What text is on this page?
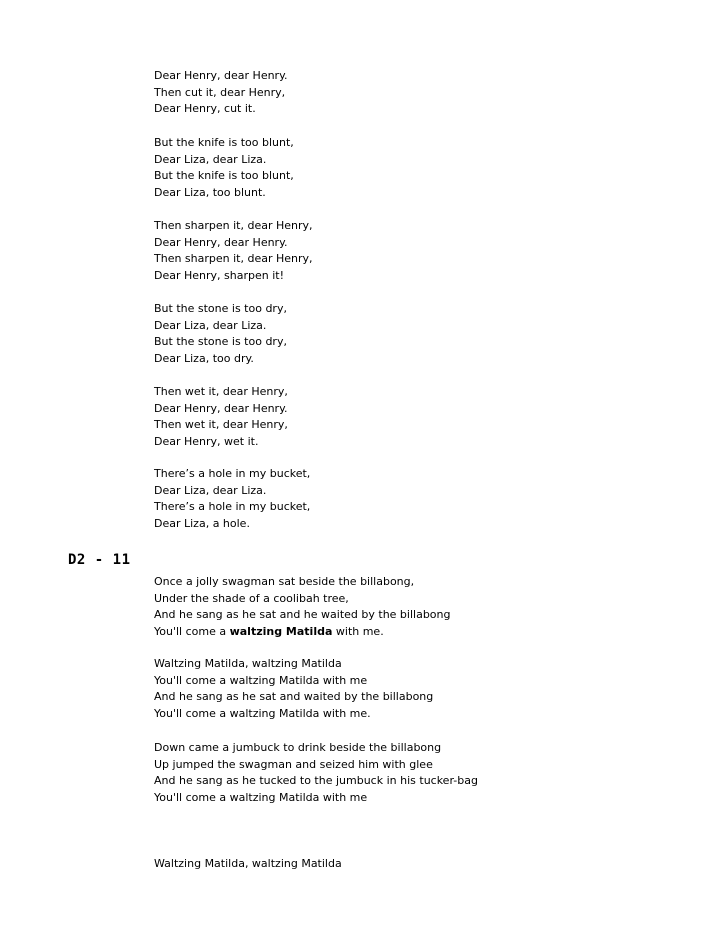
Dear Henry, dear Henry.
Then cut it, dear Henry,
Dear Henry, cut it.
But the knife is too blunt,
Dear Liza, dear Liza.
But the knife is too blunt,
Dear Liza, too blunt.
Then sharpen it, dear Henry,
Dear Henry, dear Henry.
Then sharpen it, dear Henry,
Dear Henry, sharpen it!
But the stone is too dry,
Dear Liza, dear Liza.
But the stone is too dry,
Dear Liza, too dry.
Then wet it, dear Henry,
Dear Henry, dear Henry.
Then wet it, dear Henry,
Dear Henry, wet it.
There’s a hole in my bucket,
Dear Liza, dear Liza.
There’s a hole in my bucket,
Dear Liza, a hole.
D2 - 11
Once a jolly swagman sat beside the billabong,
Under the shade of a coolibah tree,
And he sang as he sat and he waited by the billabong
You'll come a waltzing Matilda with me.
Waltzing Matilda, waltzing Matilda
You'll come a waltzing Matilda with me
And he sang as he sat and waited by the billabong
You'll come a waltzing Matilda with me.
Down came a jumbuck to drink beside the billabong
Up jumped the swagman and seized him with glee
And he sang as he tucked to the jumbuck in his tucker-bag
You'll come a waltzing Matilda with me
Waltzing Matilda, waltzing Matilda
